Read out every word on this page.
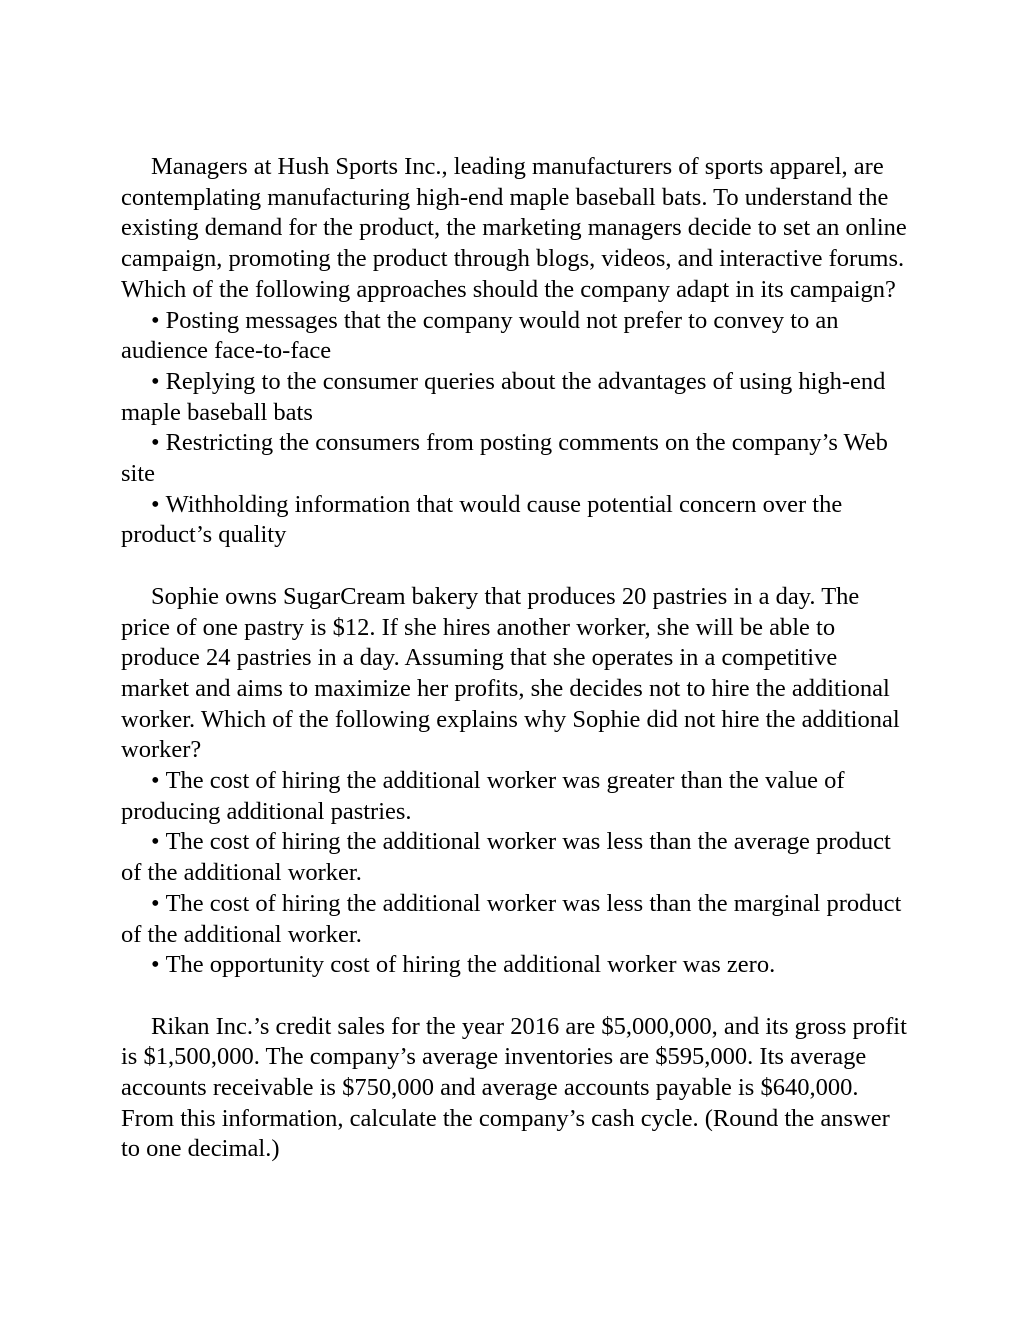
Managers at Hush Sports Inc., leading manufacturers of sports apparel, are contemplating manufacturing high-end maple baseball bats. To understand the existing demand for the product, the marketing managers decide to set an online campaign, promoting the product through blogs, videos, and interactive forums. Which of the following approaches should the company adapt in its campaign?

• Posting messages that the company would not prefer to convey to an audience face-to-face

• Replying to the consumer queries about the advantages of using high-end maple baseball bats

• Restricting the consumers from posting comments on the company’s Web site

• Withholding information that would cause potential concern over the product’s quality

Sophie owns SugarCream bakery that produces 20 pastries in a day. The price of one pastry is $12. If she hires another worker, she will be able to produce 24 pastries in a day. Assuming that she operates in a competitive market and aims to maximize her profits, she decides not to hire the additional worker. Which of the following explains why Sophie did not hire the additional worker?

• The cost of hiring the additional worker was greater than the value of producing additional pastries.

• The cost of hiring the additional worker was less than the average product of the additional worker.

• The cost of hiring the additional worker was less than the marginal product of the additional worker.

• The opportunity cost of hiring the additional worker was zero.

Rikan Inc.’s credit sales for the year 2016 are $5,000,000, and its gross profit is $1,500,000. The company’s average inventories are $595,000. Its average accounts receivable is $750,000 and average accounts payable is $640,000. From this information, calculate the company’s cash cycle. (Round the answer to one decimal.)
